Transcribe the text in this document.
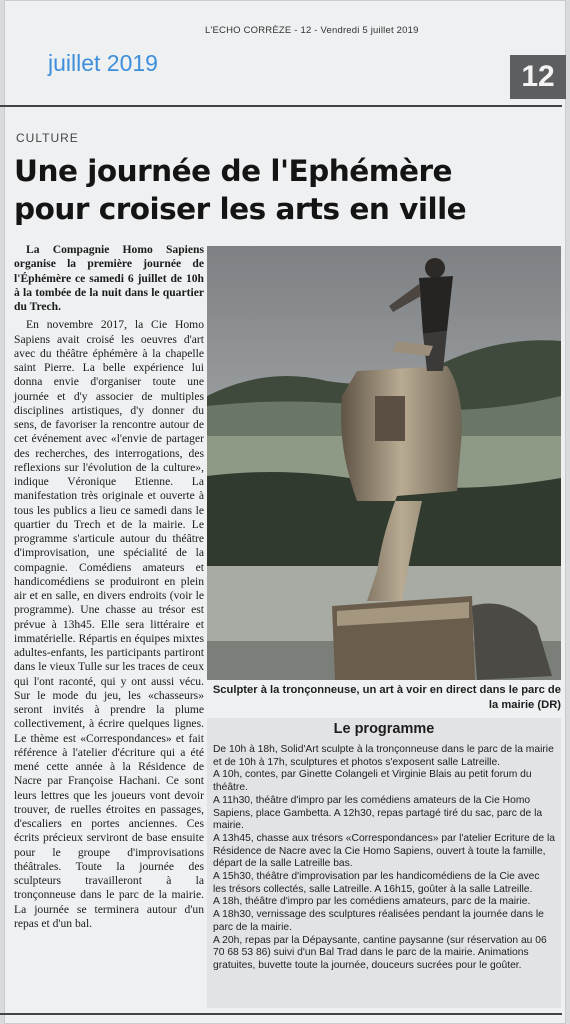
L'ECHO CORRÈZE - 12 - Vendredi 5 juillet 2019
juillet 2019	12
CULTURE
Une journée de l'Ephémère
pour croiser les arts en ville

La Compagnie Homo Sapiens organise la première journée de l'Éphémère ce samedi 6 juillet de 10h à la tombée de la nuit dans le quartier du Trech.

En novembre 2017, la Cie Homo Sapiens avait croisé les oeuvres d'art avec du théâtre éphémère à la chapelle saint Pierre. La belle expérience lui donna envie d'organiser toute une journée et d'y associer de multiples disciplines artistiques, d'y donner du sens, de favoriser la rencontre autour de cet événement avec «l'envie de partager des recherches, des interrogations, des reflexions sur l'évolution de la culture», indique Véronique Etienne. La manifestation très originale et ouverte à tous les publics a lieu ce samedi dans le quartier du Trech et de la mairie. Le programme s'articule autour du théâtre d'improvisation, une spécialité de la compagnie. Comédiens amateurs et handicomédiens se produiront en plein air et en salle, en divers endroits (voir le programme). Une chasse au trésor est prévue à 13h45. Elle sera littéraire et immatérielle. Répartis en équipes mixtes adultes-enfants, les participants partiront dans le vieux Tulle sur les traces de ceux qui l'ont raconté, qui y ont aussi vécu. Sur le mode du jeu, les «chasseurs» seront invités à prendre la plume collectivement, à écrire quelques lignes. Le thème est «Correspondances» et fait référence à l'atelier d'écriture qui a été mené cette année à la Résidence de Nacre par Françoise Hachani. Ce sont leurs lettres que les joueurs vont devoir trouver, de ruelles étroites en passages, d'escaliers en portes anciennes. Ces écrits précieux serviront de base ensuite pour le groupe d'improvisations théâtrales. Toute la journée des sculpteurs travailleront à la tronçonneuse dans le parc de la mairie. La journée se terminera autour d'un repas et d'un bal.

Sculpter à la tronçonneuse, un art à voir en direct dans le parc de la mairie (DR)
Le programme
De 10h à 18h, Solid'Art sculpte à la tronçonneuse dans le parc de la mairie et de 10h à 17h, sculptures et photos s'exposent salle Latreille.
A 10h, contes, par Ginette Colangeli et Virginie Blais au petit forum du théâtre.
A 11h30, théâtre d'impro par les comédiens amateurs de la Cie Homo Sapiens, place Gambetta. A 12h30, repas partagé tiré du sac, parc de la mairie.
A 13h45, chasse aux trésors «Correspondances» par l'atelier Ecriture de la Résidence de Nacre avec la Cie Homo Sapiens, ouvert à toute la famille, départ de la salle Latreille bas.
A 15h30, théâtre d'improvisation par les handicomédiens de la Cie avec les trésors collectés, salle Latreille. A 16h15, goûter à la salle Latreille.
A 18h, théâtre d'impro par les comédiens amateurs, parc de la mairie.
A 18h30, vernissage des sculptures réalisées pendant la journée dans le parc de la mairie.
A 20h, repas par la Dépaysante, cantine paysanne (sur réservation au 06 70 68 53 86) suivi d'un Bal Trad dans le parc de la mairie. Animations gratuites, buvette toute la journée, douceurs sucrées pour le goûter.
